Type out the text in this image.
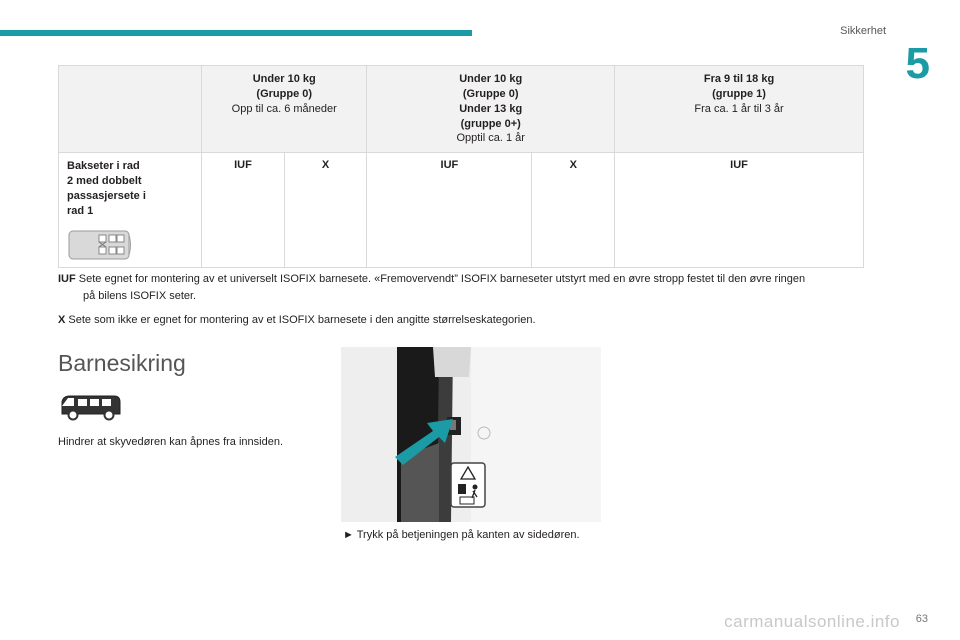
Sikkerhet
5

	Under 10 kg
(Gruppe 0)
Opp til ca. 6 måneder		Under 10 kg
(Gruppe 0)
Under 13 kg
(gruppe 0+)
Opptil ca. 1 år		Fra 9 til 18 kg
(gruppe 1)
Fra ca. 1 år til 3 år

Bakseter i rad
2 med dobbelt
passasjersete i
rad 1	IUF	X	IUF	X	IUF
IUF Sete egnet for montering av et universelt ISOFIX barnesete. «Fremovervendt” ISOFIX barneseter utstyrt med en øvre stropp festet til den øvre ringen
på bilens ISOFIX seter.
X Sete som ikke er egnet for montering av et ISOFIX barnesete i den angitte størrelseskategorien.
Barnesikring
Hindrer at skyvedøren kan åpnes fra innsiden.
► Trykk på betjeningen på kanten av sidedøren.
carmanualsonline.info 63
